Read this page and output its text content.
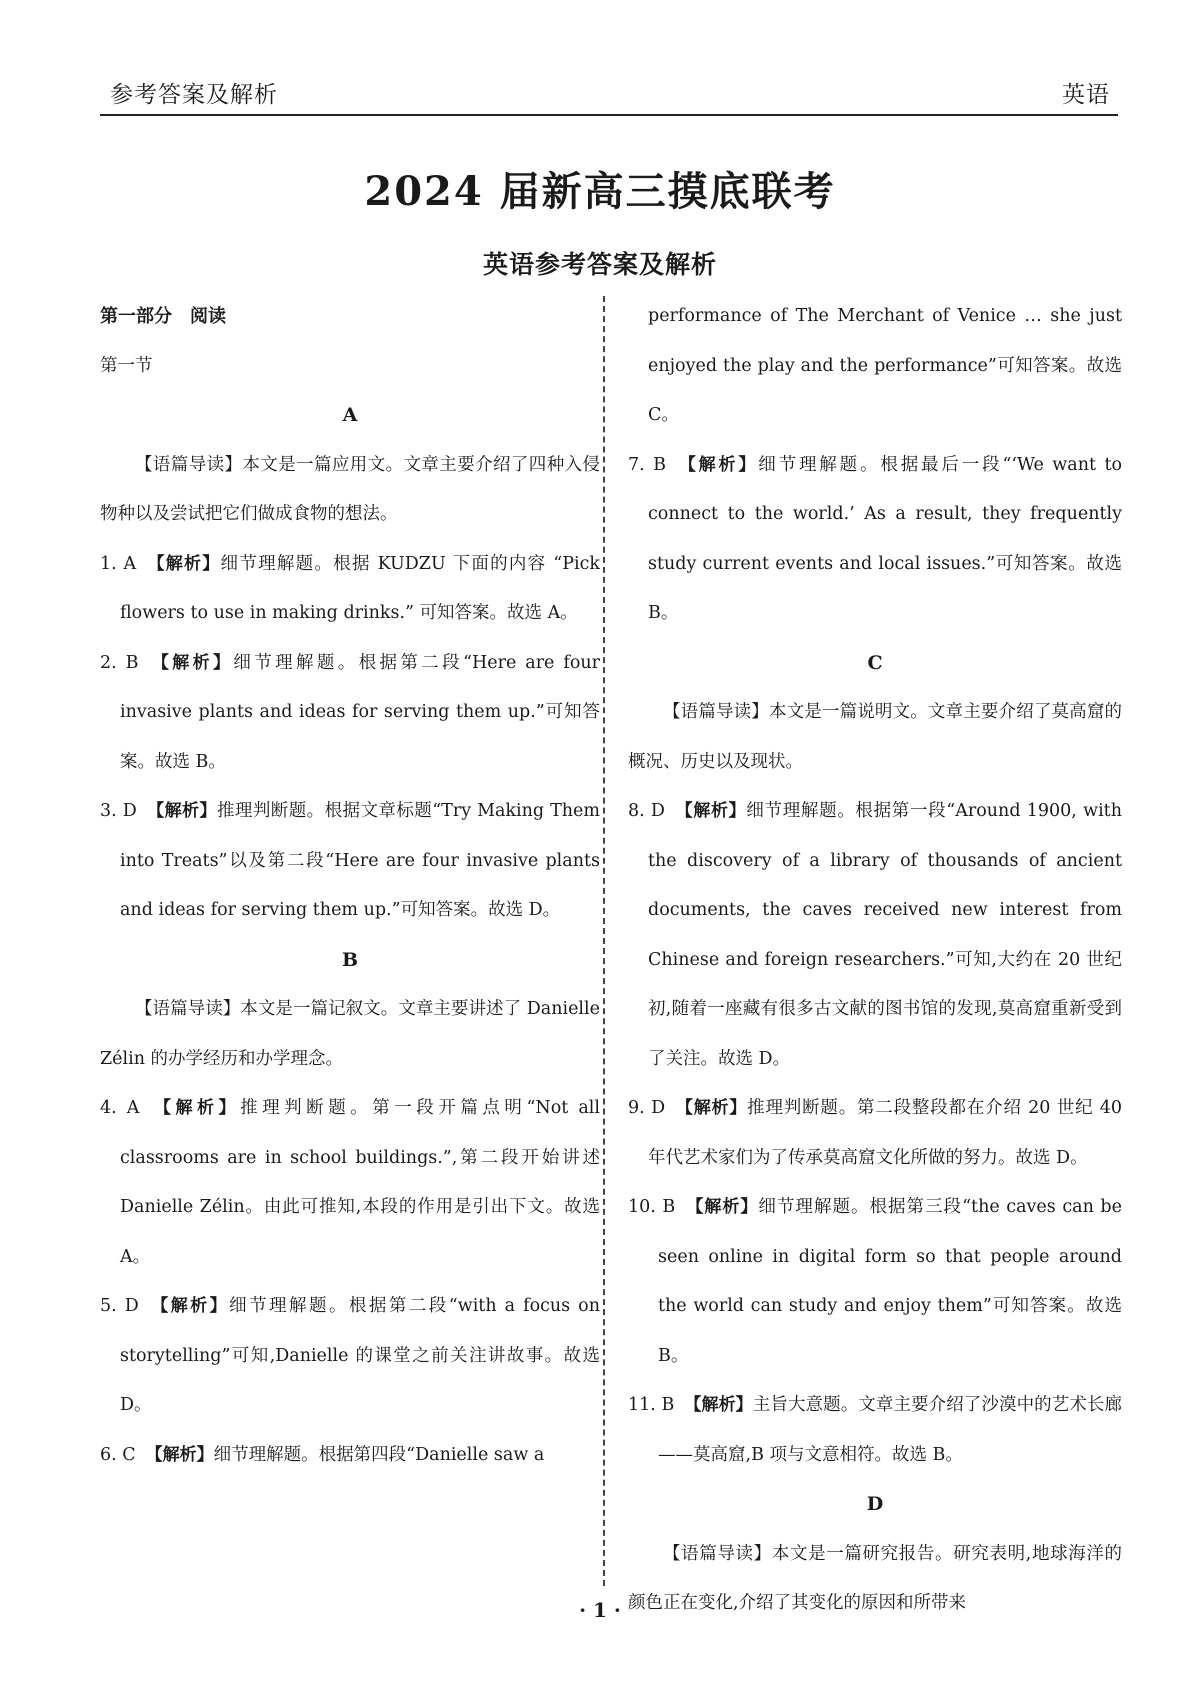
参考答案及解析	英语
2024 届新高三摸底联考
英语参考答案及解析
第一部分 阅读
第一节
A
【语篇导读】本文是一篇应用文。文章主要介绍了四种入侵物种以及尝试把它们做成食物的想法。
1. A 【解析】细节理解题。根据 KUDZU 下面的内容 “Pick flowers to use in making drinks.” 可知答案。故选 A。
2. B 【解析】细节理解题。根据第二段“Here are four invasive plants and ideas for serving them up.”可知答案。故选 B。
3. D 【解析】推理判断题。根据文章标题“Try Making Them into Treats”以及第二段“Here are four invasive plants and ideas for serving them up.”可知答案。故选 D。
B
【语篇导读】本文是一篇记叙文。文章主要讲述了 Danielle Zélin 的办学经历和办学理念。
4. A 【解析】推理判断题。第一段开篇点明“Not all classrooms are in school buildings.”,第二段开始讲述 Danielle Zélin。由此可推知,本段的作用是引出下文。故选 A。
5. D 【解析】细节理解题。根据第二段“with a focus on storytelling”可知,Danielle 的课堂之前关注讲故事。故选 D。
6. C 【解析】细节理解题。根据第四段“Danielle saw a
performance of The Merchant of Venice … she just enjoyed the play and the performance”可知答案。故选 C。
7. B 【解析】细节理解题。根据最后一段“‘We want to connect to the world.’ As a result, they frequently study current events and local issues.”可知答案。故选 B。
C
【语篇导读】本文是一篇说明文。文章主要介绍了莫高窟的概况、历史以及现状。
8. D 【解析】细节理解题。根据第一段“Around 1900, with the discovery of a library of thousands of ancient documents, the caves received new interest from Chinese and foreign researchers.”可知,大约在 20 世纪初,随着一座藏有很多古文献的图书馆的发现,莫高窟重新受到了关注。故选 D。
9. D 【解析】推理判断题。第二段整段都在介绍 20 世纪 40 年代艺术家们为了传承莫高窟文化所做的努力。故选 D。
10. B 【解析】细节理解题。根据第三段“the caves can be seen online in digital form so that people around the world can study and enjoy them”可知答案。故选 B。
11. B 【解析】主旨大意题。文章主要介绍了沙漠中的艺术长廊——莫高窟,B 项与文意相符。故选 B。
D
【语篇导读】本文是一篇研究报告。研究表明,地球海洋的颜色正在变化,介绍了其变化的原因和所带来
· 1 ·
